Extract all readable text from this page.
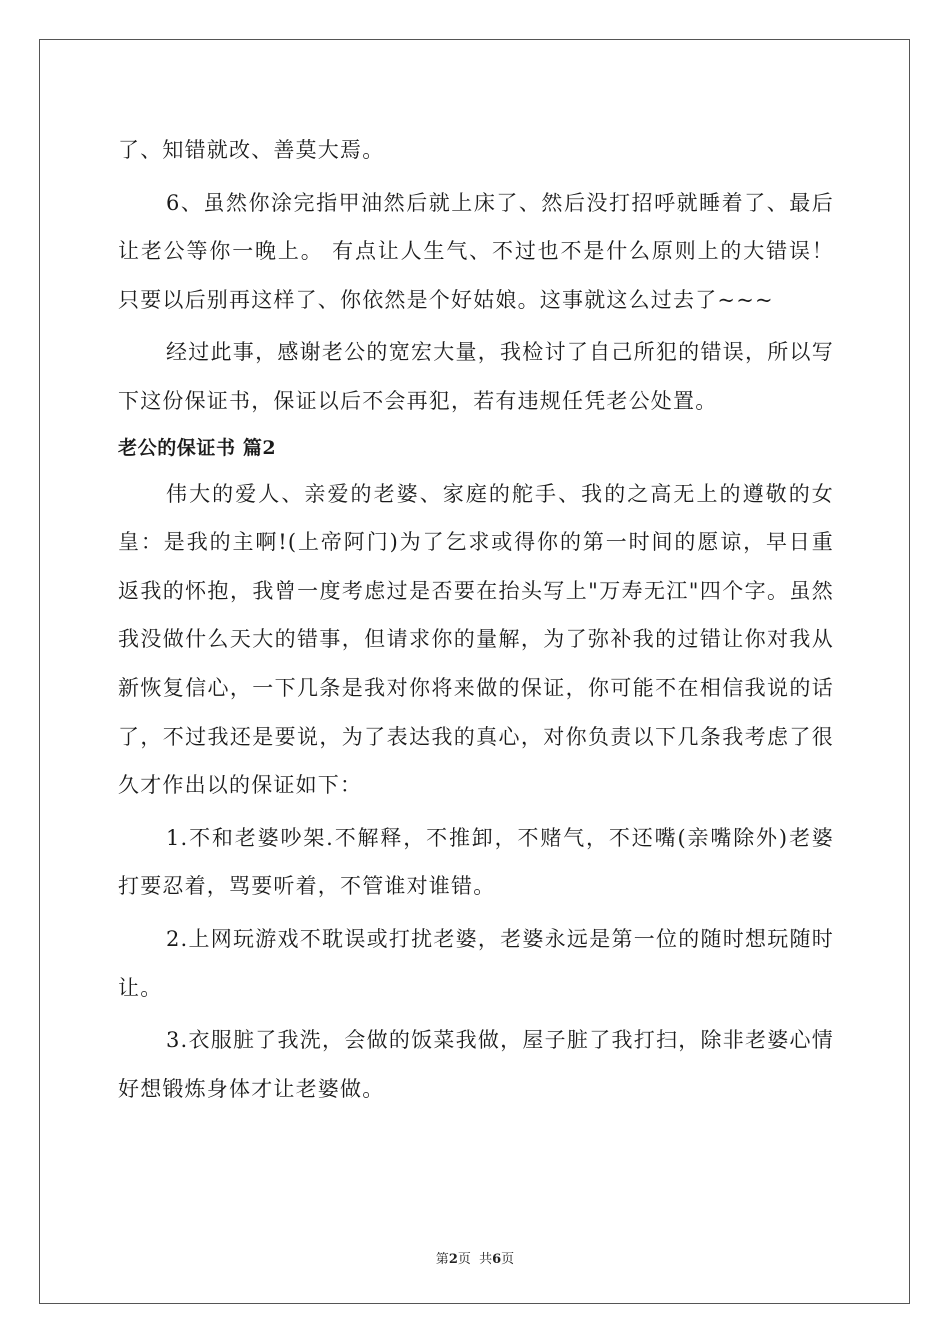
了、知错就改、善莫大焉。

6、虽然你涂完指甲油然后就上床了、然后没打招呼就睡着了、最后让老公等你一晚上。 有点让人生气、不过也不是什么原则上的大错误！只要以后别再这样了、你依然是个好姑娘。这事就这么过去了~~~

经过此事，感谢老公的宽宏大量，我检讨了自己所犯的错误，所以写下这份保证书，保证以后不会再犯，若有违规任凭老公处置。

老公的保证书 篇2

伟大的爱人、亲爱的老婆、家庭的舵手、我的之高无上的遵敬的女皇：是我的主啊!(上帝阿门)为了乞求或得你的第一时间的愿谅，早日重返我的怀抱，我曾一度考虑过是否要在抬头写上"万寿无江"四个字。虽然我没做什么天大的错事，但请求你的量解，为了弥补我的过错让你对我从新恢复信心，一下几条是我对你将来做的保证，你可能不在相信我说的话了，不过我还是要说，为了表达我的真心，对你负责以下几条我考虑了很久才作出以的保证如下：

1.不和老婆吵架.不解释，不推卸，不赌气，不还嘴(亲嘴除外)老婆打要忍着，骂要听着，不管谁对谁错。

2.上网玩游戏不耽误或打扰老婆，老婆永远是第一位的随时想玩随时让。

3.衣服脏了我洗，会做的饭菜我做，屋子脏了我打扫，除非老婆心情好想锻炼身体才让老婆做。

第2页  共6页
